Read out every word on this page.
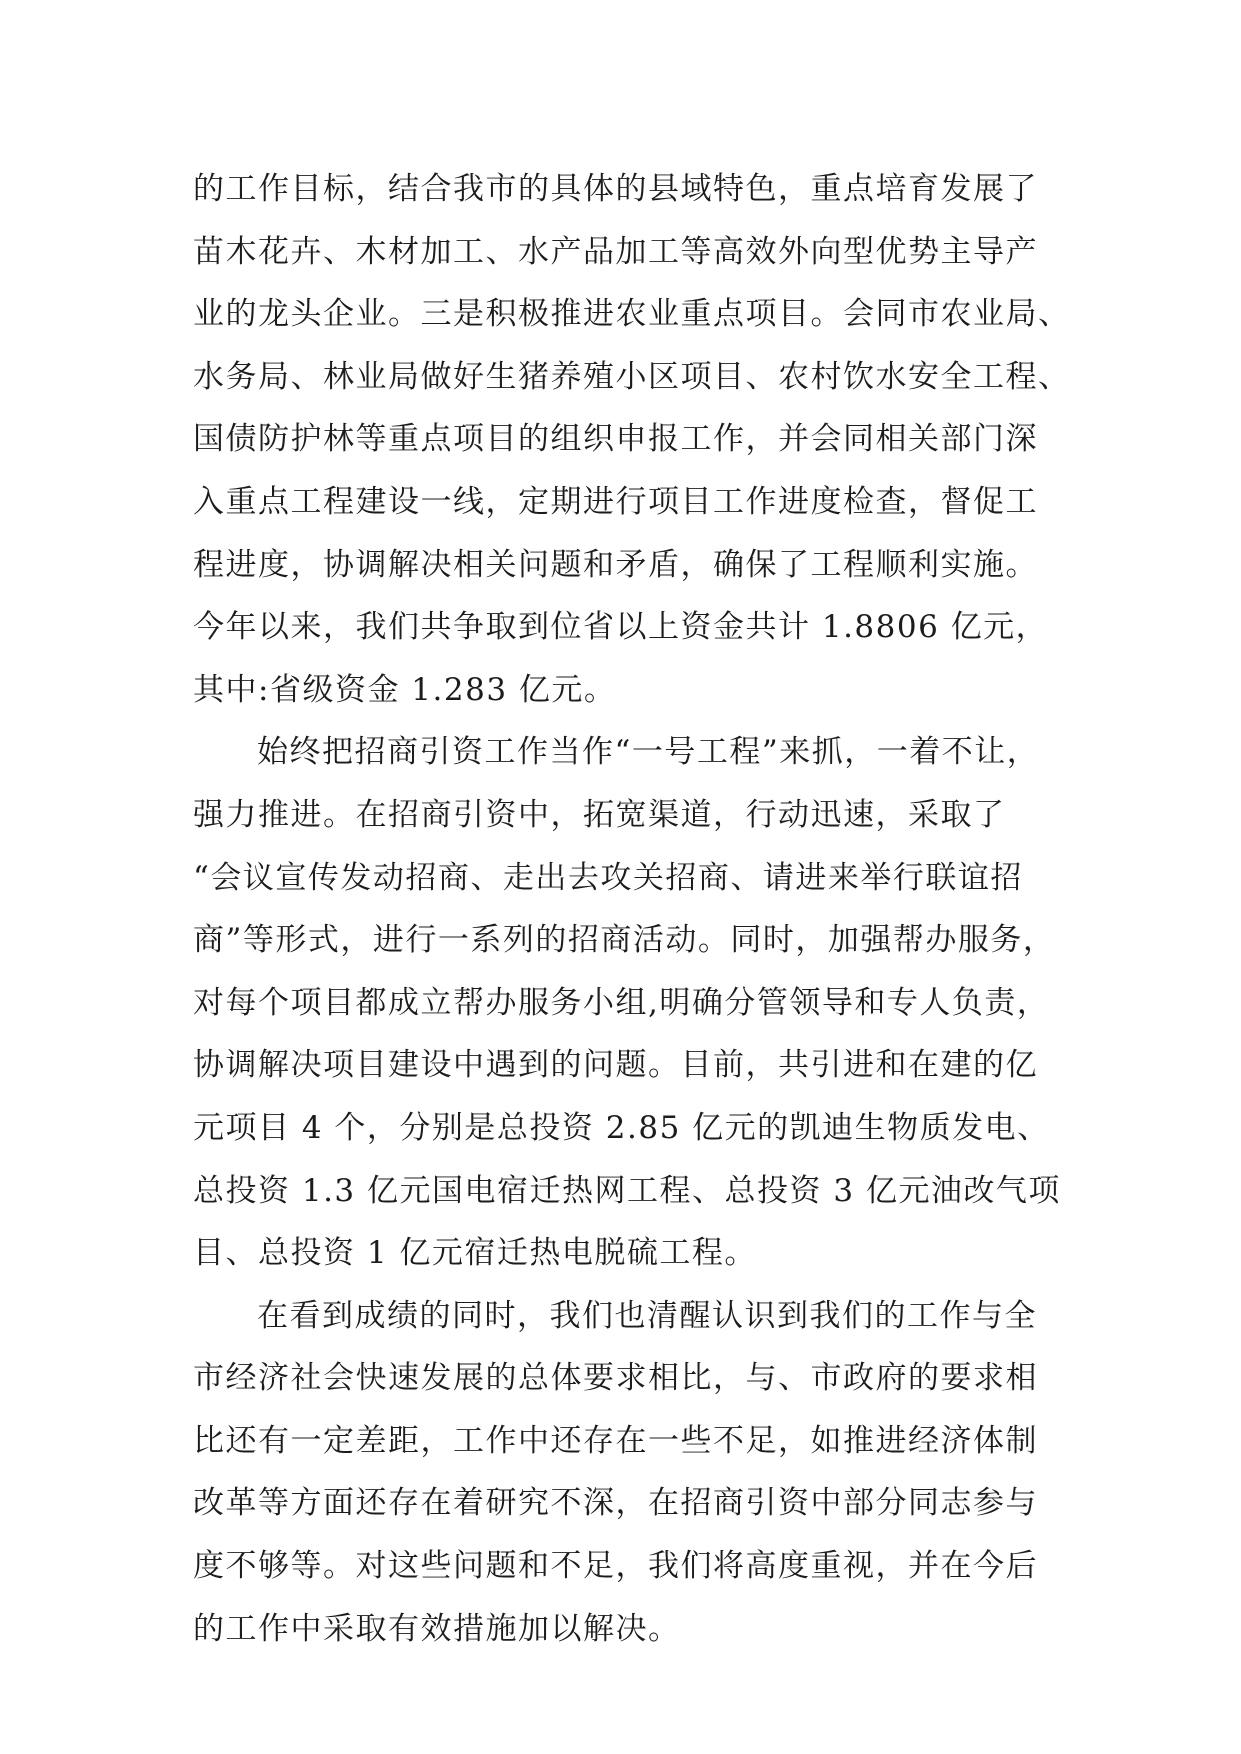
的工作目标，结合我市的具体的县域特色，重点培育发展了
苗木花卉、木材加工、水产品加工等高效外向型优势主导产
业的龙头企业。三是积极推进农业重点项目。会同市农业局、
水务局、林业局做好生猪养殖小区项目、农村饮水安全工程、
国债防护林等重点项目的组织申报工作，并会同相关部门深
入重点工程建设一线，定期进行项目工作进度检查，督促工
程进度，协调解决相关问题和矛盾，确保了工程顺利实施。
今年以来，我们共争取到位省以上资金共计 1.8806 亿元，
其中:省级资金 1.283 亿元。
始终把招商引资工作当作“一号工程”来抓，一着不让，
强力推进。在招商引资中，拓宽渠道，行动迅速，采取了
“会议宣传发动招商、走出去攻关招商、请进来举行联谊招
商”等形式，进行一系列的招商活动。同时，加强帮办服务，
对每个项目都成立帮办服务小组,明确分管领导和专人负责，
协调解决项目建设中遇到的问题。目前，共引进和在建的亿
元项目 4 个，分别是总投资 2.85 亿元的凯迪生物质发电、
总投资 1.3 亿元国电宿迁热网工程、总投资 3 亿元油改气项
目、总投资 1 亿元宿迁热电脱硫工程。
在看到成绩的同时，我们也清醒认识到我们的工作与全
市经济社会快速发展的总体要求相比，与、市政府的要求相
比还有一定差距，工作中还存在一些不足，如推进经济体制
改革等方面还存在着研究不深，在招商引资中部分同志参与
度不够等。对这些问题和不足，我们将高度重视，并在今后
的工作中采取有效措施加以解决。
